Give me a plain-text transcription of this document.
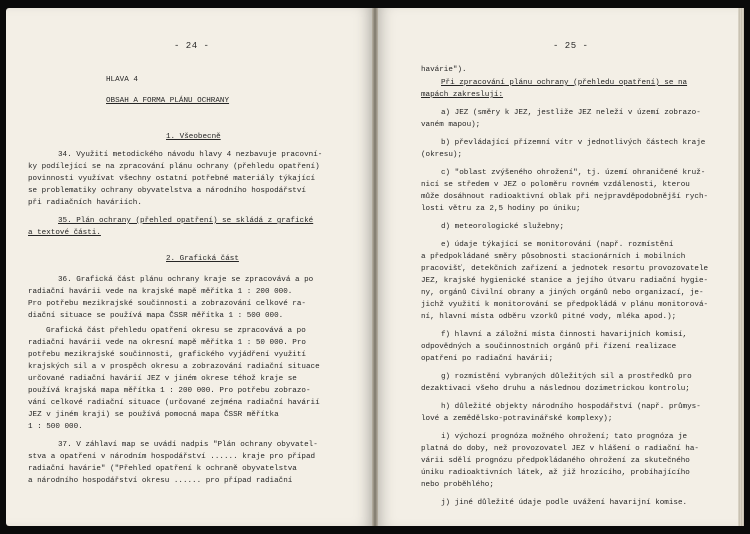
- 24 -
HLAVA 4
OBSAH A FORMA PLÁNU OCHRANY
1. Všeobecně
34. Využití metodického návodu hlavy 4 nezbavuje pracovní-
ky podílející se na zpracování plánu ochrany (přehledu opatření)
povinnosti využívat všechny ostatní potřebné materiály týkající
se problematiky ochrany obyvatelstva a národního hospodářství
při radiačních haváriích.
35. Plán ochrany (přehled opatření) se skládá z grafické
a textové části.
2. Grafická část
36. Grafická část plánu ochrany kraje se zpracovává a po
radiační havárii vede na krajské mapě měřítka 1 : 200 000.
Pro potřebu mezikrajské součinnosti a zobrazování celkové ra-
diační situace se používá mapa ČSSR měřítka 1 : 500 000.
Grafická část přehledu opatření okresu se zpracovává a po
radiační havárii vede na okresní mapě měřítka 1 : 50 000. Pro
potřebu mezikrajské součinnosti, grafického vyjádření využití
krajských sil a v prospěch okresu a zobrazování radiační situace
určované radiační havárií JEZ v jiném okrese téhož kraje se
používá krajská mapa měřítka 1 : 200 000. Pro potřebu zobrazo-
vání celkové radiační situace (určované zejména radiační havárií
JEZ v jiném kraji) se používá pomocná mapa ČSSR měřítka
1 : 500 000.
37. V záhlaví map se uvádí nadpis "Plán ochrany obyvatel-
stva a opatření v národním hospodářství ...... kraje pro případ
radiační havárie" ("Přehled opatření k ochraně obyvatelstva
a národního hospodářství okresu ...... pro případ radiační
- 25 -
havárie").
Při zpracování plánu ochrany (přehledu opatření) se na
mapách zakreslují:
a) JEZ (směry k JEZ, jestliže JEZ neleží v území zobrazo-
vaném mapou);
b) převládající přízemní vítr v jednotlivých částech kraje
(okresu);
c) "oblast zvýšeného ohrožení", tj. území ohraničené kruž-
nicí se středem v JEZ o poloměru rovném vzdálenosti, kterou
může dosáhnout radioaktivní oblak při nejpravděpodobnější rych-
losti větru za 2,5 hodiny po úniku;
d) meteorologické služebny;
e) údaje týkající se monitorování (např. rozmístění
a předpokládané směry působnosti stacionárních i mobilních
pracovišť, detekčních zařízení a jednotek resortu provozovatele
JEZ, krajské hygienické stanice a jejího útvaru radiační hygie-
ny, orgánů Civilní obrany a jiných orgánů nebo organizací, je-
jichž využití k monitorování se předpokládá v plánu monitorová-
ní, hlavní místa odběru vzorků pitné vody, mléka apod.);
f) hlavní a záložní místa činnosti havarijních komisí,
odpovědných a součinnostních orgánů při řízení realizace
opatření po radiační havárii;
g) rozmístění vybraných důležitých sil a prostředků pro
dezaktivaci všeho druhu a následnou dozimetrickou kontrolu;
h) důležité objekty národního hospodářství (např. průmys-
lové a zemědělsko-potravinářské komplexy);
i) výchozí prognóza možného ohrožení; tato prognóza je
platná do doby, než provozovatel JEZ v hlášení o radiační ha-
várii sdělí prognózu předpokládaného ohrožení za skutečného
úniku radioaktivních látek, až již hrozícího, probíhajícího
nebo proběhlého;
j) jiné důležité údaje podle uvážení havarijní komise.
